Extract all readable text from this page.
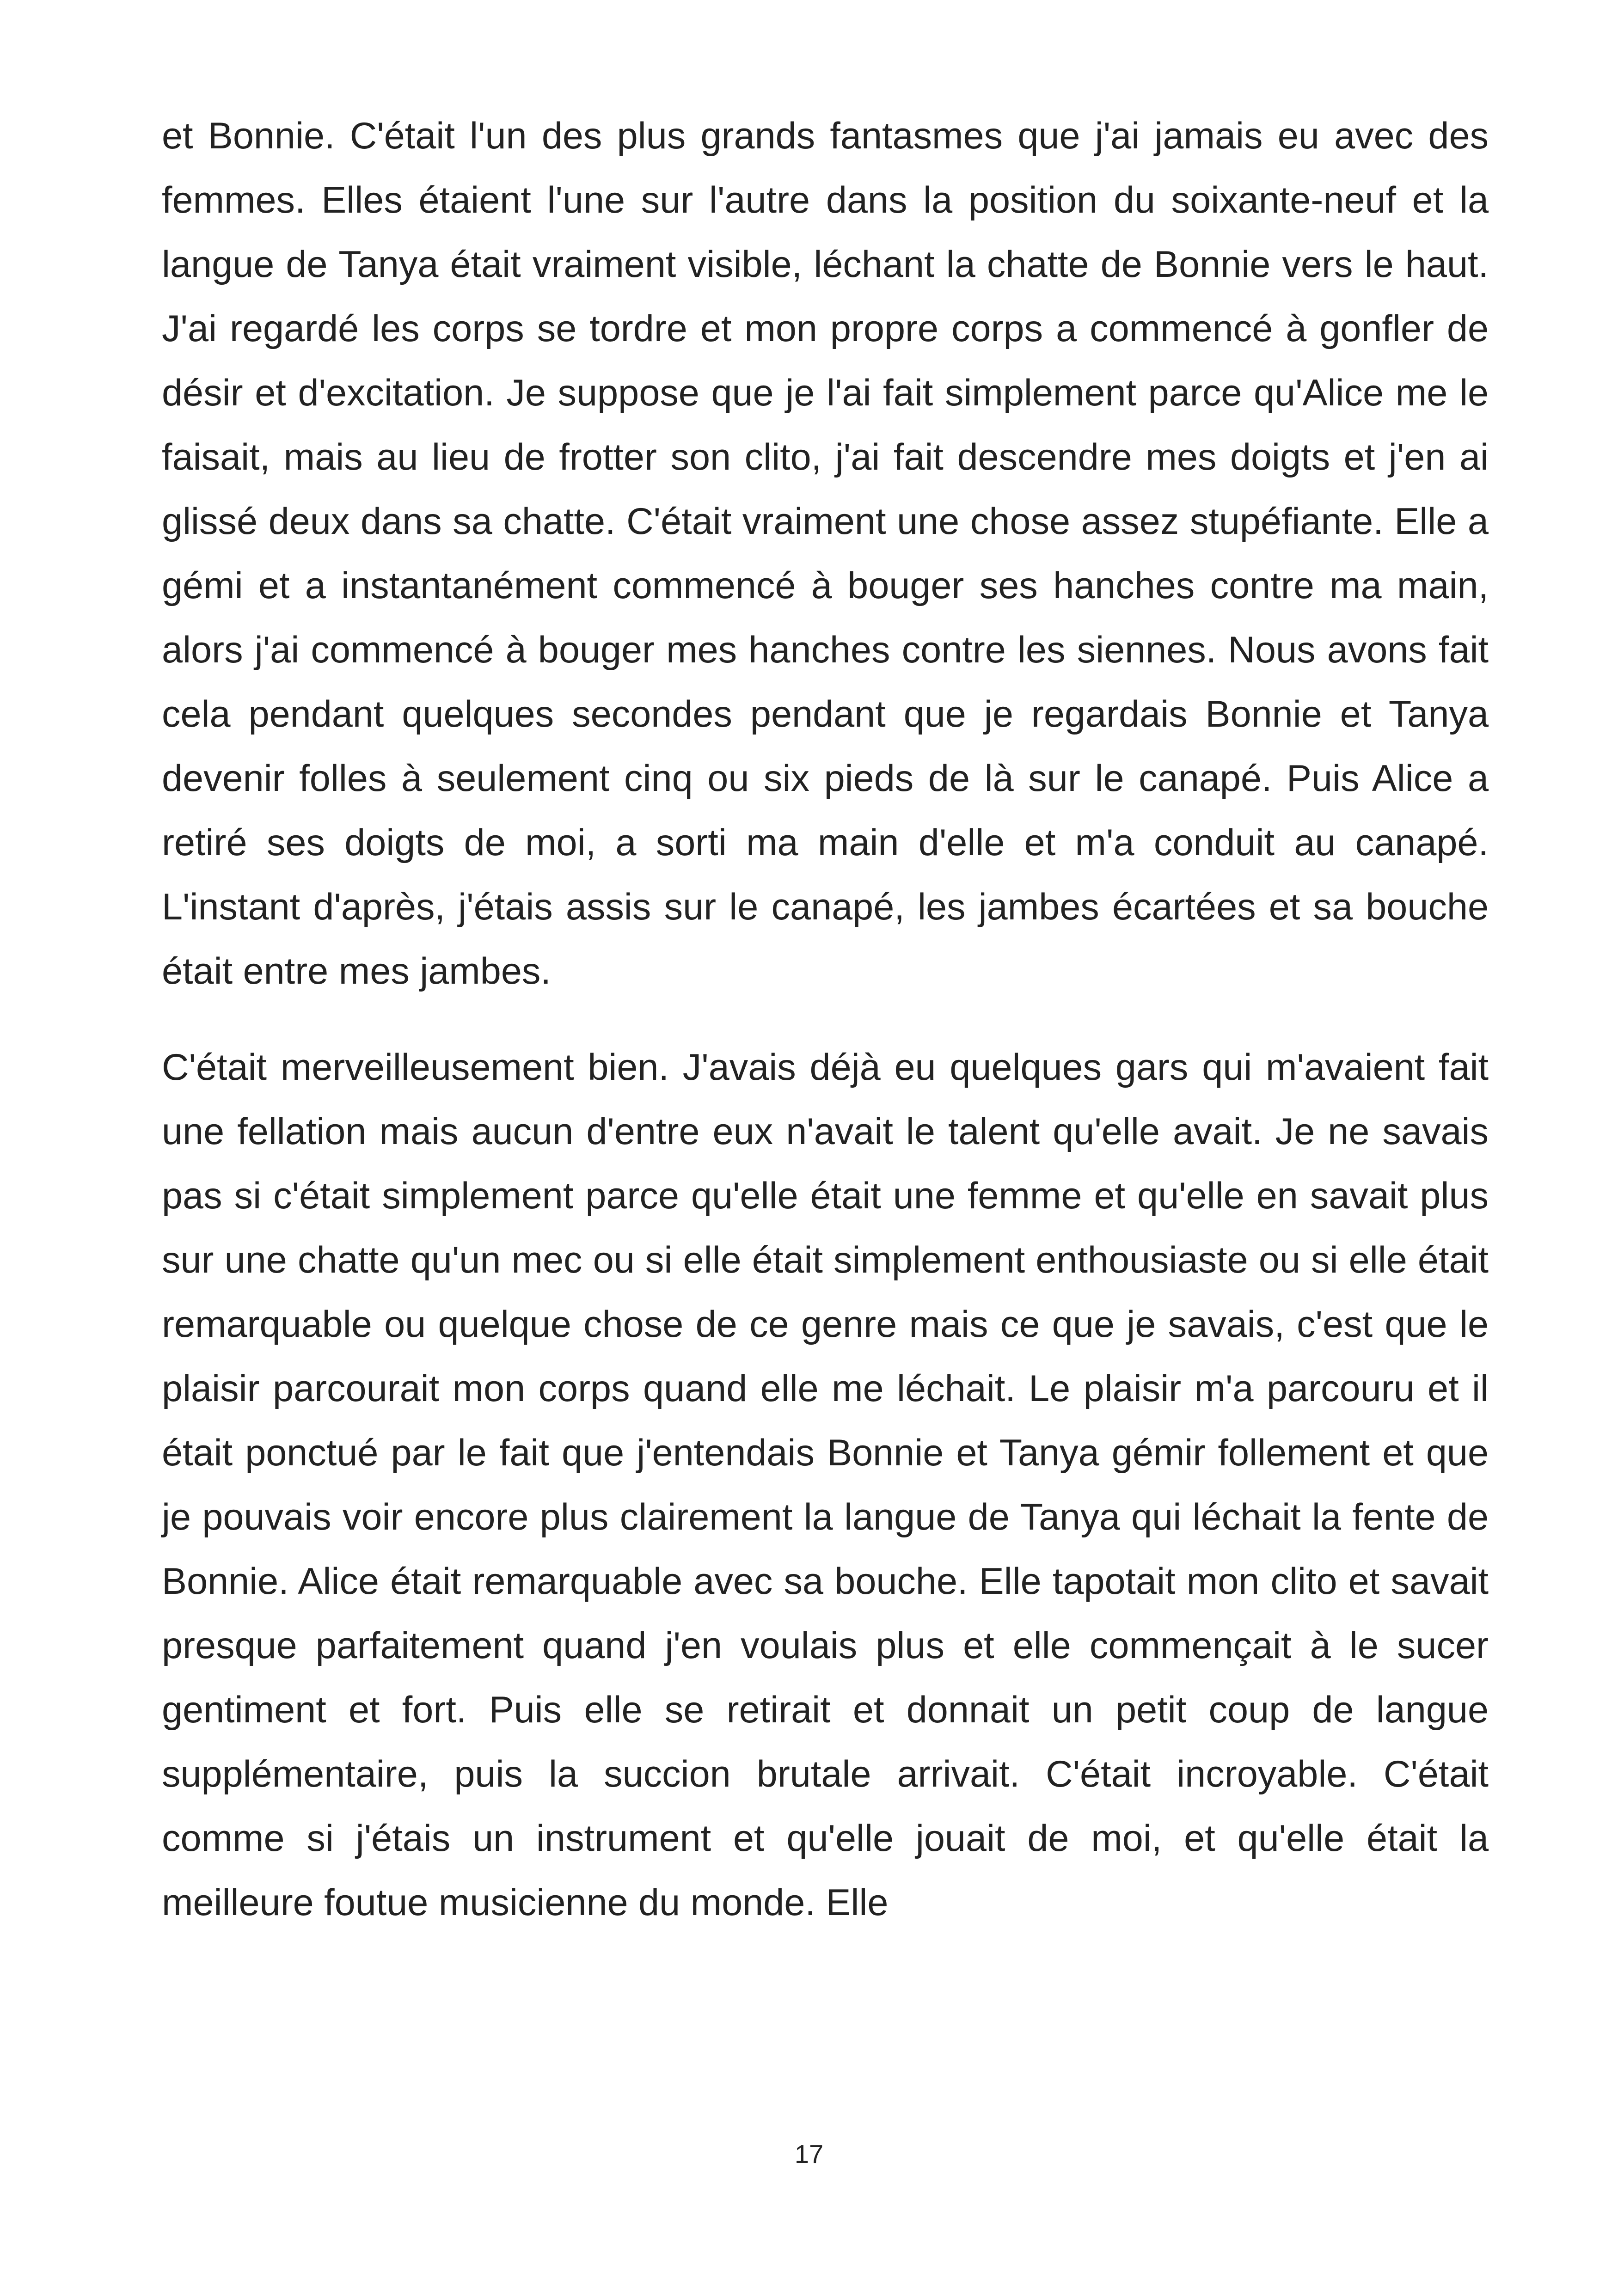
et Bonnie. C'était l'un des plus grands fantasmes que j'ai jamais eu avec des femmes. Elles étaient l'une sur l'autre dans la position du soixante-neuf et la langue de Tanya était vraiment visible, léchant la chatte de Bonnie vers le haut. J'ai regardé les corps se tordre et mon propre corps a commencé à gonfler de désir et d'excitation. Je suppose que je l'ai fait simplement parce qu'Alice me le faisait, mais au lieu de frotter son clito, j'ai fait descendre mes doigts et j'en ai glissé deux dans sa chatte. C'était vraiment une chose assez stupéfiante. Elle a gémi et a instantanément commencé à bouger ses hanches contre ma main, alors j'ai commencé à bouger mes hanches contre les siennes. Nous avons fait cela pendant quelques secondes pendant que je regardais Bonnie et Tanya devenir folles à seulement cinq ou six pieds de là sur le canapé. Puis Alice a retiré ses doigts de moi, a sorti ma main d'elle et m'a conduit au canapé. L'instant d'après, j'étais assis sur le canapé, les jambes écartées et sa bouche était entre mes jambes.

C'était merveilleusement bien. J'avais déjà eu quelques gars qui m'avaient fait une fellation mais aucun d'entre eux n'avait le talent qu'elle avait. Je ne savais pas si c'était simplement parce qu'elle était une femme et qu'elle en savait plus sur une chatte qu'un mec ou si elle était simplement enthousiaste ou si elle était remarquable ou quelque chose de ce genre mais ce que je savais, c'est que le plaisir parcourait mon corps quand elle me léchait. Le plaisir m'a parcouru et il était ponctué par le fait que j'entendais Bonnie et Tanya gémir follement et que je pouvais voir encore plus clairement la langue de Tanya qui léchait la fente de Bonnie. Alice était remarquable avec sa bouche. Elle tapotait mon clito et savait presque parfaitement quand j'en voulais plus et elle commençait à le sucer gentiment et fort. Puis elle se retirait et donnait un petit coup de langue supplémentaire, puis la succion brutale arrivait. C'était incroyable. C'était comme si j'étais un instrument et qu'elle jouait de moi, et qu'elle était la meilleure foutue musicienne du monde. Elle

17
